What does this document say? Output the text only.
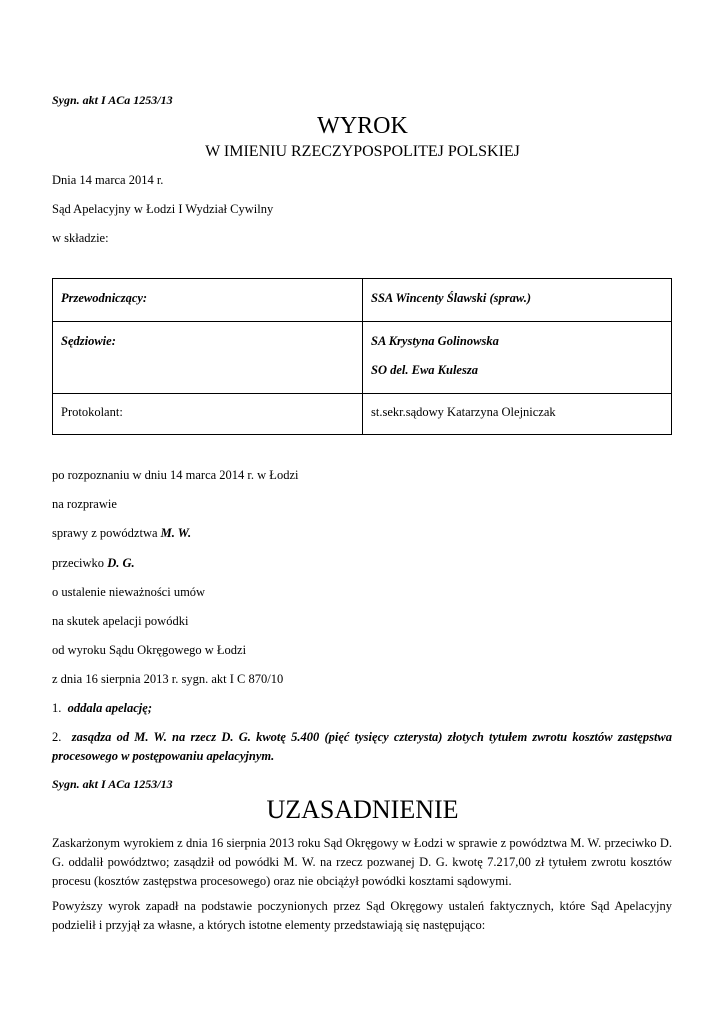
Sygn. akt I ACa 1253/13
WYROK
W IMIENIU RZECZYPOSPOLITEJ POLSKIEJ
Dnia 14 marca 2014 r.
Sąd Apelacyjny w Łodzi I Wydział Cywilny
w składzie:
Przewodniczący:	SSA Wincenty Ślawski (spraw.)
Sędziowie:	SA Krystyna Golinowska
SO del. Ewa Kulesza
Protokolant:	st.sekr.sądowy Katarzyna Olejniczak
po rozpoznaniu w dniu 14 marca 2014 r. w Łodzi
na rozprawie
sprawy z powództwa M. W.
przeciwko D. G.
o ustalenie nieważności umów
na skutek apelacji powódki
od wyroku Sądu Okręgowego w Łodzi
z dnia 16 sierpnia 2013 r. sygn. akt I C 870/10
1. oddala apelację;
2. zasądza od M. W. na rzecz D. G. kwotę 5.400 (pięć tysięcy czterysta) złotych tytułem zwrotu kosztów zastępstwa procesowego w postępowaniu apelacyjnym.
Sygn. akt I ACa 1253/13
UZASADNIENIE
Zaskarżonym wyrokiem z dnia 16 sierpnia 2013 roku Sąd Okręgowy w Łodzi w sprawie z powództwa M. W. przeciwko D. G. oddalił powództwo; zasądził od powódki M. W. na rzecz pozwanej D. G. kwotę 7.217,00 zł tytułem zwrotu kosztów procesu (kosztów zastępstwa procesowego) oraz nie obciążył powódki kosztami sądowymi.
Powyższy wyrok zapadł na podstawie poczynionych przez Sąd Okręgowy ustaleń faktycznych, które Sąd Apelacyjny podzielił i przyjął za własne, a których istotne elementy przedstawiają się następująco:
